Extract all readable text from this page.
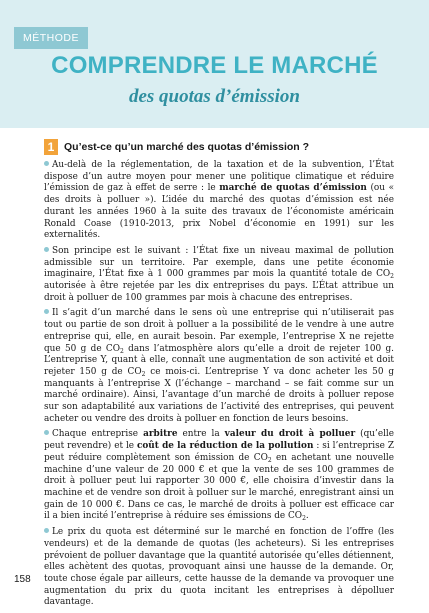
MÉTHODE
COMPRENDRE LE MARCHÉ
des quotas d’émission
1 Qu’est-ce qu’un marché des quotas d’émission ?

Au-delà de la réglementation, de la taxation et de la subvention, l’État dispose d’un autre moyen pour mener une politique climatique et réduire l’émission de gaz à effet de serre : le marché de quotas d’émission (ou « des droits à polluer »). L’idée du marché des quotas d’émission est née durant les années 1960 à la suite des travaux de l’économiste américain Ronald Coase (1910-2013, prix Nobel d’économie en 1991) sur les externalités.

Son principe est le suivant : l’État fixe un niveau maximal de pollution admissible sur un territoire. Par exemple, dans une petite économie imaginaire, l’État fixe à 1 000 grammes par mois la quantité totale de $CO_2$ autorisée à être rejetée par les dix entreprises du pays. L’État attribue un droit à polluer de 100 grammes par mois à chacune des entreprises.

Il s’agit d’un marché dans le sens où une entreprise qui n’utiliserait pas tout ou partie de son droit à polluer a la possibilité de le vendre à une autre entreprise qui, elle, en aurait besoin. Par exemple, l’entreprise X ne rejette que 50 g de $CO_2$ dans l’atmosphère alors qu’elle a droit de rejeter 100 g. L’entreprise Y, quant à elle, connaît une augmentation de son activité et doit rejeter 150 g de $CO_2$ ce mois-ci. L’entreprise Y va donc acheter les 50 g manquants à l’entreprise X (l’échange – marchand – se fait comme sur un marché ordinaire). Ainsi, l’avantage d’un marché de droits à polluer repose sur son adaptabilité aux variations de l’activité des entreprises, qui peuvent acheter ou vendre des droits à polluer en fonction de leurs besoins.

Chaque entreprise arbitre entre la valeur du droit à polluer (qu’elle peut revendre) et le coût de la réduction de la pollution : si l’entreprise Z peut réduire complètement son émission de $CO_2$ en achetant une nouvelle machine d’une valeur de 20 000 € et que la vente de ses 100 grammes de droit à polluer peut lui rapporter 30 000 €, elle choisira d’investir dans la machine et de vendre son droit à polluer sur le marché, enregistrant ainsi un gain de 10 000 €. Dans ce cas, le marché de droits à polluer est efficace car il a bien incité l’entreprise à réduire ses émissions de $CO_2$.

Le prix du quota est déterminé sur le marché en fonction de l’offre (les vendeurs) et de la demande de quotas (les acheteurs). Si les entreprises prévoient de polluer davantage que la quantité autorisée qu’elles détiennent, elles achètent des quotas, provoquant ainsi une hausse de la demande. Or, toute chose égale par ailleurs, cette hausse de la demande va provoquer une augmentation du prix du quota incitant les entreprises à dépolluer davantage.

158
